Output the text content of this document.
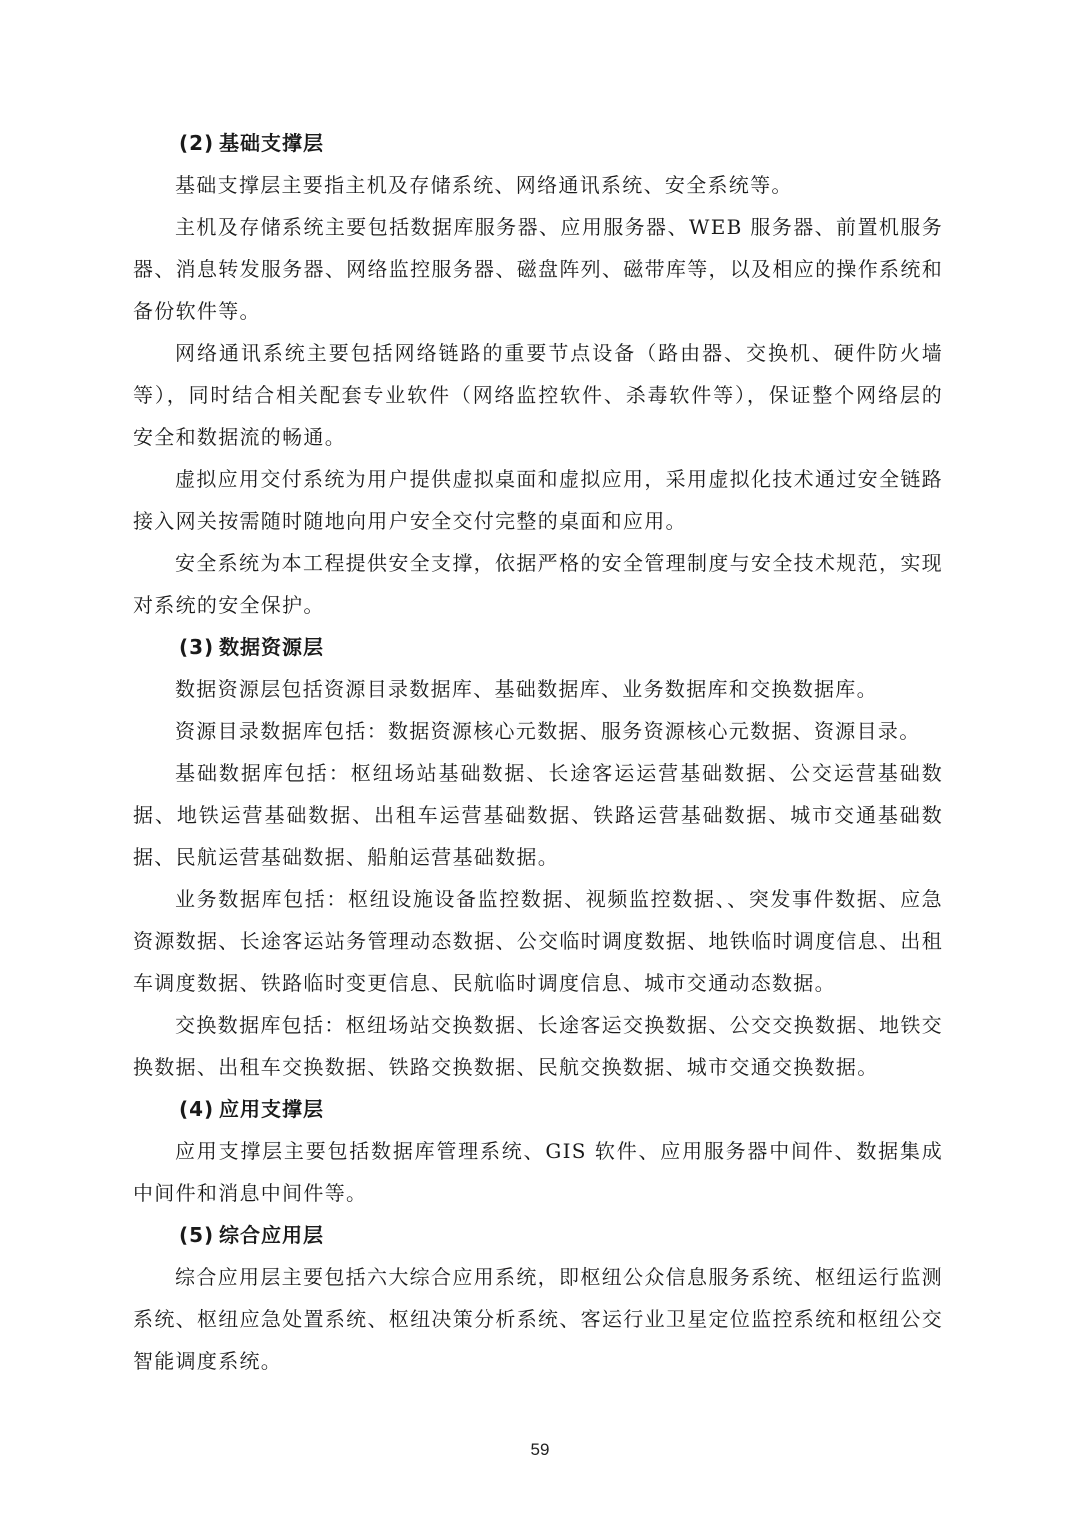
(2) 基础支撑层

基础支撑层主要指主机及存储系统、网络通讯系统、安全系统等。

主机及存储系统主要包括数据库服务器、应用服务器、WEB 服务器、前置机服务器、消息转发服务器、网络监控服务器、磁盘阵列、磁带库等，以及相应的操作系统和备份软件等。

网络通讯系统主要包括网络链路的重要节点设备（路由器、交换机、硬件防火墙等），同时结合相关配套专业软件（网络监控软件、杀毒软件等），保证整个网络层的安全和数据流的畅通。

虚拟应用交付系统为用户提供虚拟桌面和虚拟应用，采用虚拟化技术通过安全链路接入网关按需随时随地向用户安全交付完整的桌面和应用。

安全系统为本工程提供安全支撑，依据严格的安全管理制度与安全技术规范，实现对系统的安全保护。

(3) 数据资源层

数据资源层包括资源目录数据库、基础数据库、业务数据库和交换数据库。

资源目录数据库包括：数据资源核心元数据、服务资源核心元数据、资源目录。

基础数据库包括：枢纽场站基础数据、长途客运运营基础数据、公交运营基础数据、地铁运营基础数据、出租车运营基础数据、铁路运营基础数据、城市交通基础数据、民航运营基础数据、船舶运营基础数据。

业务数据库包括：枢纽设施设备监控数据、视频监控数据、、突发事件数据、应急资源数据、长途客运站务管理动态数据、公交临时调度数据、地铁临时调度信息、出租车调度数据、铁路临时变更信息、民航临时调度信息、城市交通动态数据。

交换数据库包括：枢纽场站交换数据、长途客运交换数据、公交交换数据、地铁交换数据、出租车交换数据、铁路交换数据、民航交换数据、城市交通交换数据。

(4) 应用支撑层

应用支撑层主要包括数据库管理系统、GIS 软件、应用服务器中间件、数据集成中间件和消息中间件等。

(5) 综合应用层

综合应用层主要包括六大综合应用系统，即枢纽公众信息服务系统、枢纽运行监测系统、枢纽应急处置系统、枢纽决策分析系统、客运行业卫星定位监控系统和枢纽公交智能调度系统。

59
